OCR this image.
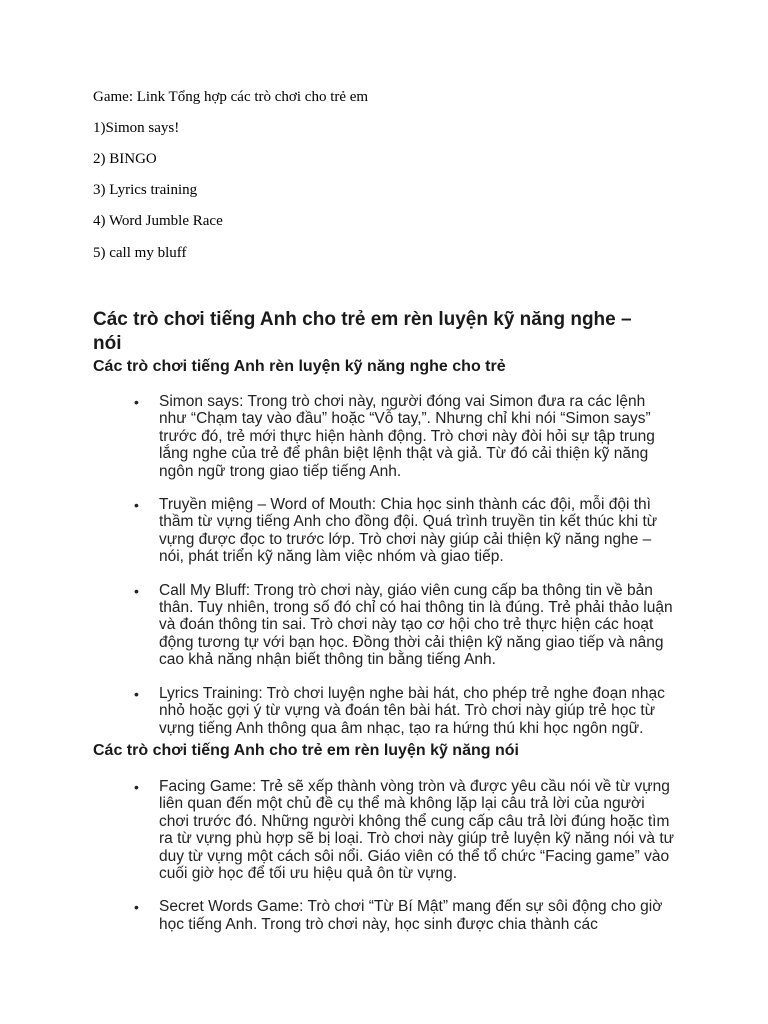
Game: Link Tổng hợp các trò chơi cho trẻ em
1)Simon says!
2) BINGO
3) Lyrics training
4) Word Jumble Race
5) call my bluff
Các trò chơi tiếng Anh cho trẻ em rèn luyện kỹ năng nghe – nói
Các trò chơi tiếng Anh rèn luyện kỹ năng nghe cho trẻ
• Simon says: Trong trò chơi này, người đóng vai Simon đưa ra các lệnh như “Chạm tay vào đầu” hoặc “Vỗ tay,”. Nhưng chỉ khi nói “Simon says” trước đó, trẻ mới thực hiện hành động. Trò chơi này đòi hỏi sự tập trung lắng nghe của trẻ để phân biệt lệnh thật và giả. Từ đó cải thiện kỹ năng ngôn ngữ trong giao tiếp tiếng Anh.
• Truyền miệng – Word of Mouth: Chia học sinh thành các đội, mỗi đội thì thầm từ vựng tiếng Anh cho đồng đội. Quá trình truyền tin kết thúc khi từ vựng được đọc to trước lớp. Trò chơi này giúp cải thiện kỹ năng nghe – nói, phát triển kỹ năng làm việc nhóm và giao tiếp.
• Call My Bluff: Trong trò chơi này, giáo viên cung cấp ba thông tin về bản thân. Tuy nhiên, trong số đó chỉ có hai thông tin là đúng. Trẻ phải thảo luận và đoán thông tin sai. Trò chơi này tạo cơ hội cho trẻ thực hiện các hoạt động tương tự với bạn học. Đồng thời cải thiện kỹ năng giao tiếp và nâng cao khả năng nhận biết thông tin bằng tiếng Anh.
• Lyrics Training: Trò chơi luyện nghe bài hát, cho phép trẻ nghe đoạn nhạc nhỏ hoặc gợi ý từ vựng và đoán tên bài hát. Trò chơi này giúp trẻ học từ vựng tiếng Anh thông qua âm nhạc, tạo ra hứng thú khi học ngôn ngữ.
Các trò chơi tiếng Anh cho trẻ em rèn luyện kỹ năng nói
• Facing Game: Trẻ sẽ xếp thành vòng tròn và được yêu cầu nói về từ vựng liên quan đến một chủ đề cụ thể mà không lặp lại câu trả lời của người chơi trước đó. Những người không thể cung cấp câu trả lời đúng hoặc tìm ra từ vựng phù hợp sẽ bị loại. Trò chơi này giúp trẻ luyện kỹ năng nói và tư duy từ vựng một cách sôi nổi. Giáo viên có thể tổ chức “Facing game” vào cuối giờ học để tối ưu hiệu quả ôn từ vựng.
• Secret Words Game: Trò chơi “Từ Bí Mật” mang đến sự sôi động cho giờ học tiếng Anh. Trong trò chơi này, học sinh được chia thành các
